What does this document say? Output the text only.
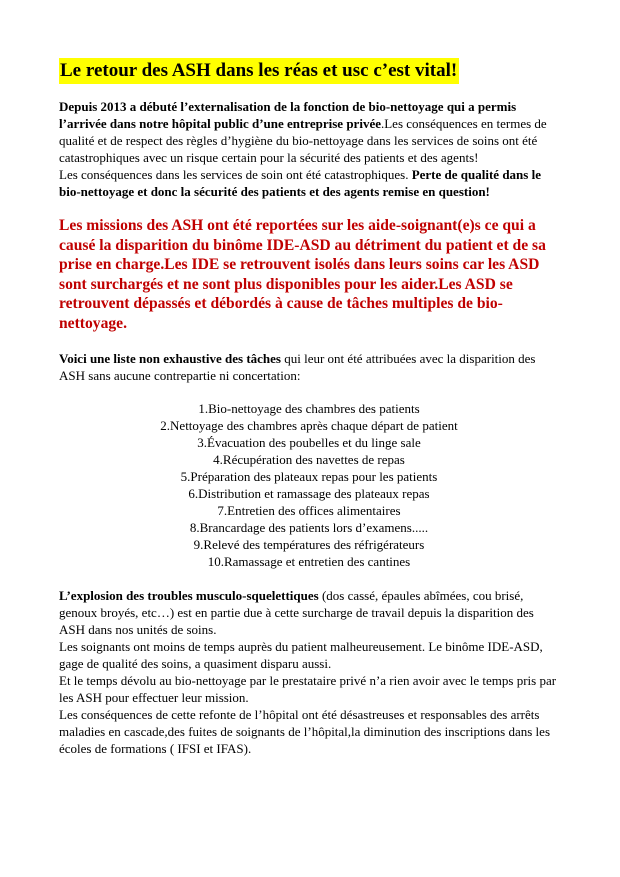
Le retour des ASH dans les réas et usc c’est vital!

Depuis 2013 a débuté l’externalisation de la fonction de bio-nettoyage qui a permis l’arrivée dans notre hôpital public d’une entreprise privée.Les conséquences en termes de qualité et de respect des règles d’hygiène du bio-nettoyage dans les services de soins ont été catastrophiques avec un risque certain pour la sécurité des patients et des agents!

Les conséquences dans les services de soin ont été catastrophiques. Perte de qualité dans le bio-nettoyage et donc la sécurité des patients et des agents remise en question!

Les missions des ASH ont été reportées sur les aide-soignant(e)s ce qui a causé la disparition du binôme IDE-ASD au détriment du patient et de sa prise en charge.Les IDE se retrouvent isolés dans leurs soins car les ASD sont surchargés et ne sont plus disponibles pour les aider.Les ASD se retrouvent dépassés et débordés à cause de tâches multiples de bio-nettoyage.

Voici une liste non exhaustive des tâches qui leur ont été attribuées avec la disparition des ASH sans aucune contrepartie ni concertation:

1.Bio-nettoyage des chambres des patients
2.Nettoyage des chambres après chaque départ de patient
3.Évacuation des poubelles et du linge sale
4.Récupération des navettes de repas
5.Préparation des plateaux repas pour les patients
6.Distribution et ramassage des plateaux repas
7.Entretien des offices alimentaires
8.Brancardage des patients lors d’examens.....
9.Relevé des températures des réfrigérateurs
10.Ramassage et entretien des cantines

L’explosion des troubles musculo-squelettiques (dos cassé, épaules abîmées, cou brisé, genoux broyés, etc…) est en partie due à cette surcharge de travail depuis la disparition des ASH dans nos unités de soins.

Les soignants ont moins de temps auprès du patient malheureusement. Le binôme IDE-ASD, gage de qualité des soins, a quasiment disparu aussi.

Et le temps dévolu au bio-nettoyage par le prestataire privé n’a rien avoir avec le temps pris par les ASH pour effectuer leur mission.

Les conséquences de cette refonte de l’hôpital ont été désastreuses et responsables des arrêts maladies en cascade,des fuites de soignants de l’hôpital,la diminution des inscriptions dans les écoles de formations ( IFSI et IFAS).
